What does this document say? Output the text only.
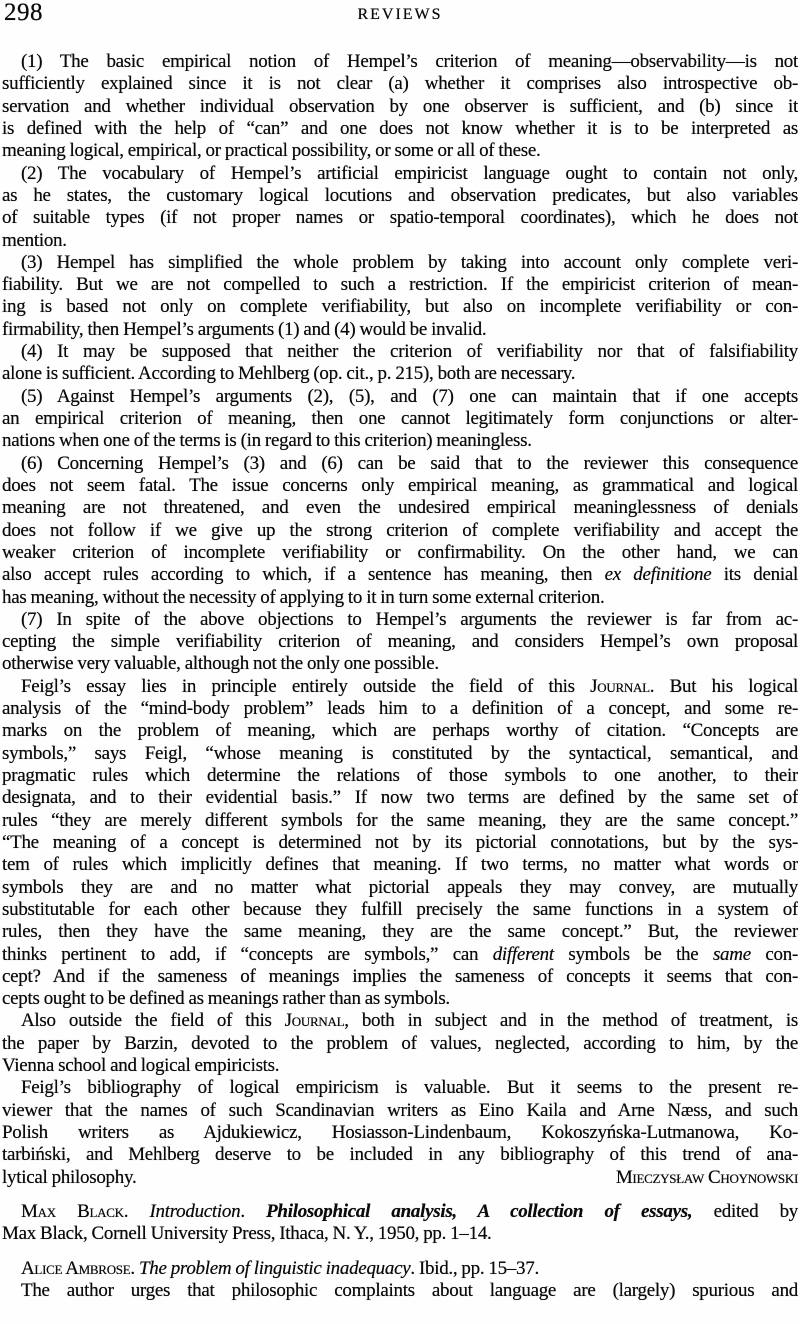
298	REVIEWS
(1) The basic empirical notion of Hempel’s criterion of meaning—observability—is not
sufficiently explained since it is not clear (a) whether it comprises also introspective ob-
servation and whether individual observation by one observer is sufficient, and (b) since it
is defined with the help of “can” and one does not know whether it is to be interpreted as
meaning logical, empirical, or practical possibility, or some or all of these.
(2) The vocabulary of Hempel’s artificial empiricist language ought to contain not only,
as he states, the customary logical locutions and observation predicates, but also variables
of suitable types (if not proper names or spatio-temporal coordinates), which he does not
mention.
(3) Hempel has simplified the whole problem by taking into account only complete veri-
fiability. But we are not compelled to such a restriction. If the empiricist criterion of mean-
ing is based not only on complete verifiability, but also on incomplete verifiability or con-
firmability, then Hempel’s arguments (1) and (4) would be invalid.
(4) It may be supposed that neither the criterion of verifiability nor that of falsifiability
alone is sufficient. According to Mehlberg (op. cit., p. 215), both are necessary.
(5) Against Hempel’s arguments (2), (5), and (7) one can maintain that if one accepts
an empirical criterion of meaning, then one cannot legitimately form conjunctions or alter-
nations when one of the terms is (in regard to this criterion) meaningless.
(6) Concerning Hempel’s (3) and (6) can be said that to the reviewer this consequence
does not seem fatal. The issue concerns only empirical meaning, as grammatical and logical
meaning are not threatened, and even the undesired empirical meaninglessness of denials
does not follow if we give up the strong criterion of complete verifiability and accept the
weaker criterion of incomplete verifiability or confirmability. On the other hand, we can
also accept rules according to which, if a sentence has meaning, then ex definitione its denial
has meaning, without the necessity of applying to it in turn some external criterion.
(7) In spite of the above objections to Hempel’s arguments the reviewer is far from ac-
cepting the simple verifiability criterion of meaning, and considers Hempel’s own proposal
otherwise very valuable, although not the only one possible.
Feigl’s essay lies in principle entirely outside the field of this Journal. But his logical
analysis of the “mind-body problem” leads him to a definition of a concept, and some re-
marks on the problem of meaning, which are perhaps worthy of citation. “Concepts are
symbols,” says Feigl, “whose meaning is constituted by the syntactical, semantical, and
pragmatic rules which determine the relations of those symbols to one another, to their
designata, and to their evidential basis.” If now two terms are defined by the same set of
rules “they are merely different symbols for the same meaning, they are the same concept.”
“The meaning of a concept is determined not by its pictorial connotations, but by the sys-
tem of rules which implicitly defines that meaning. If two terms, no matter what words or
symbols they are and no matter what pictorial appeals they may convey, are mutually
substitutable for each other because they fulfill precisely the same functions in a system of
rules, then they have the same meaning, they are the same concept.” But, the reviewer
thinks pertinent to add, if “concepts are symbols,” can different symbols be the same con-
cept? And if the sameness of meanings implies the sameness of concepts it seems that con-
cepts ought to be defined as meanings rather than as symbols.
Also outside the field of this Journal, both in subject and in the method of treatment, is
the paper by Barzin, devoted to the problem of values, neglected, according to him, by the
Vienna school and logical empiricists.
Feigl’s bibliography of logical empiricism is valuable. But it seems to the present re-
viewer that the names of such Scandinavian writers as Eino Kaila and Arne Næss, and such
Polish writers as Ajdukiewicz, Hosiasson-Lindenbaum, Kokoszyńska-Lutmanowa, Ko-
tarbiński, and Mehlberg deserve to be included in any bibliography of this trend of ana-
lytical philosophy.	Mieczysław Choynowski
Max Black. Introduction. Philosophical analysis, A collection of essays, edited by
Max Black, Cornell University Press, Ithaca, N. Y., 1950, pp. 1–14.
Alice Ambrose. The problem of linguistic inadequacy. Ibid., pp. 15–37.
The author urges that philosophic complaints about language are (largely) spurious and
